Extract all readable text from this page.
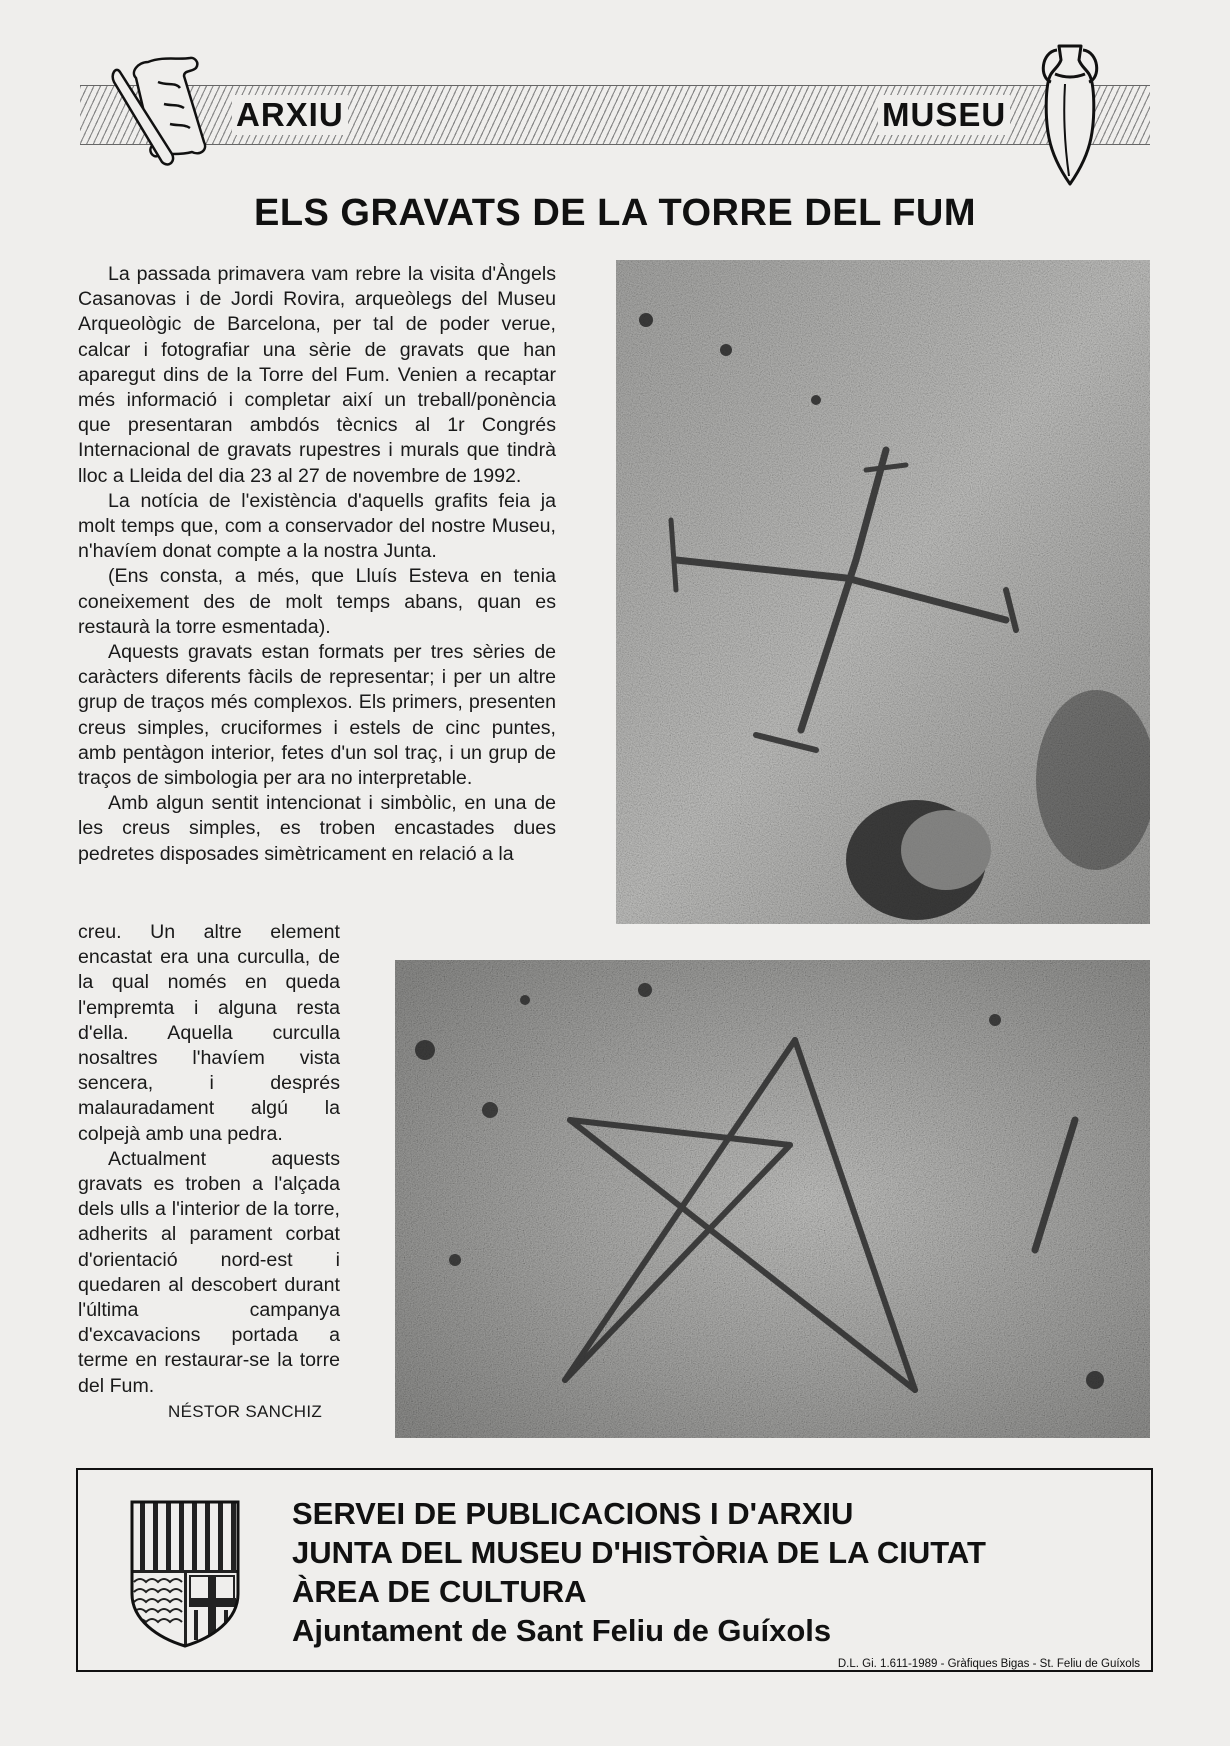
ARXIU	MUSEU
ELS GRAVATS DE LA TORRE DEL FUM

La passada primavera vam rebre la visita d'Àngels Casanovas i de Jordi Rovira, arqueòlegs del Museu Arqueològic de Barcelona, per tal de poder verue, calcar i fotografiar una sèrie de gravats que han aparegut dins de la Torre del Fum. Venien a recaptar més informació i completar així un treball/ponència que presentaran ambdós tècnics al 1r Congrés Internacional de gravats rupestres i murals que tindrà lloc a Lleida del dia 23 al 27 de novembre de 1992.

La notícia de l'existència d'aquells grafits feia ja molt temps que, com a conservador del nostre Museu, n'havíem donat compte a la nostra Junta.

(Ens consta, a més, que Lluís Esteva en tenia coneixement des de molt temps abans, quan es restaurà la torre esmentada).

Aquests gravats estan formats per tres sèries de caràcters diferents fàcils de representar; i per un altre grup de traços més complexos. Els primers, presenten creus simples, cruciformes i estels de cinc puntes, amb pentàgon interior, fetes d'un sol traç, i un grup de traços de simbologia per ara no interpretable.

Amb algun sentit intencionat i simbòlic, en una de les creus simples, es troben encastades dues pedretes disposades simètricament en relació a la

creu. Un altre element encastat era una curculla, de la qual només en queda l'empremta i alguna resta d'ella. Aquella curculla nosaltres l'havíem vista sencera, i després malauradament algú la colpejà amb una pedra.

Actualment aquests gravats es troben a l'alçada dels ulls a l'interior de la torre, adherits al parament corbat d'orientació nord-est i quedaren al descobert durant l'última campanya d'excavacions portada a terme en restaurar-se la torre del Fum.

NÉSTOR SANCHIZ
SERVEI DE PUBLICACIONS I D'ARXIU
JUNTA DEL MUSEU D'HISTÒRIA DE LA CIUTAT
ÀREA DE CULTURA
Ajuntament de Sant Feliu de Guíxols
D.L. Gi. 1.611-1989 - Gràfiques Bigas - St. Feliu de Guíxols
